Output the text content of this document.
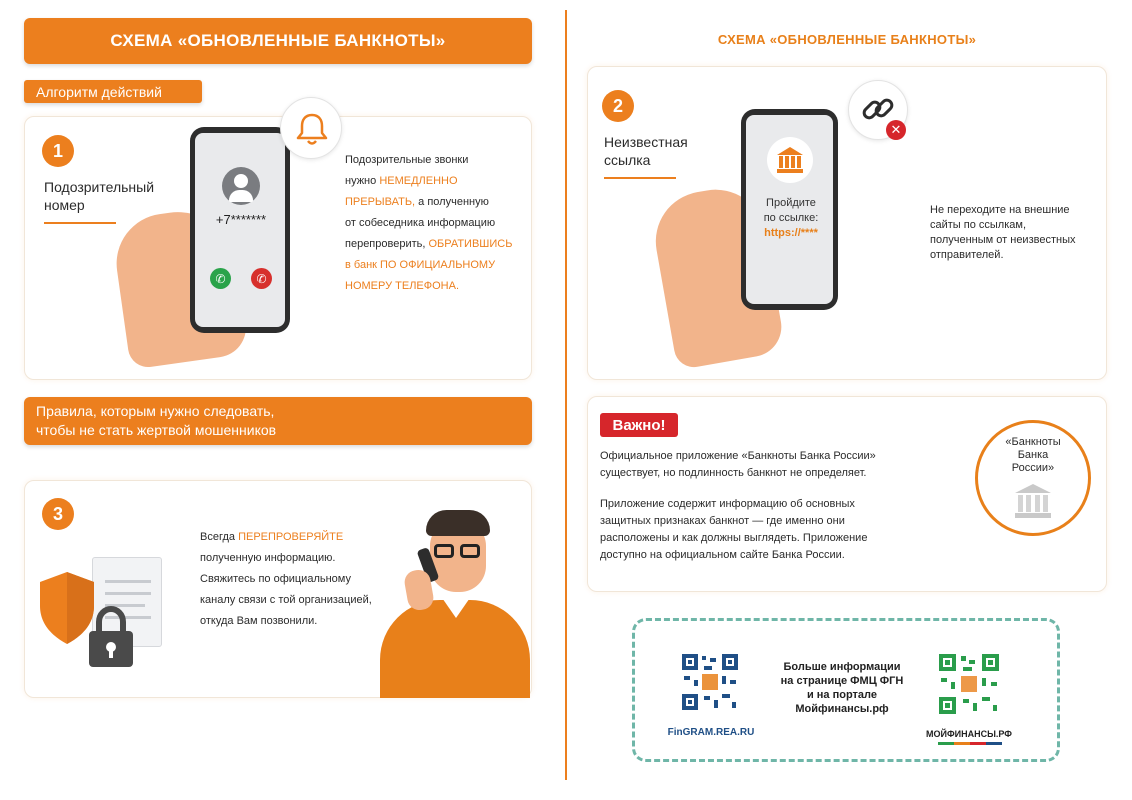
СХЕМА «ОБНОВЛЕННЫЕ БАНКНОТЫ»
Алгоритм действий
1
Подозрительный
номер
+7*******
✆	✆
Подозрительные звонки
нужно НЕМЕДЛЕННО
ПРЕРЫВАТЬ, а полученную
от собеседника информацию
перепроверить, ОБРАТИВШИСЬ
в банк ПО ОФИЦИАЛЬНОМУ
НОМЕРУ ТЕЛЕФОНА.
Правила, которым нужно следовать,
чтобы не стать жертвой мошенников
3
Всегда ПЕРЕПРОВЕРЯЙТЕ
полученную информацию.
Свяжитесь по официальному
каналу связи с той организацией,
откуда Вам позвонили.
СХЕМА «ОБНОВЛЕННЫЕ БАНКНОТЫ»
2
Неизвестная
ссылка
Пройдите
по ссылке:
https://****
✕
Не переходите на внешние
сайты по ссылкам,
полученным от неизвестных
отправителей.
Важно!
Официальное приложение «Банкноты Банка России»
существует, но подлинность банкнот не определяет.
Приложение содержит информацию об основных
защитных признаках банкнот — где именно они
расположены и как должны выглядеть. Приложение
доступно на официальном сайте Банка России.
«Банкноты
Банка
России»
FinGRAM.REA.RU
Больше информации
на странице ФМЦ ФГН
и на портале
Мойфинансы.рф
МОЙФИНАНСЫ.РФ
